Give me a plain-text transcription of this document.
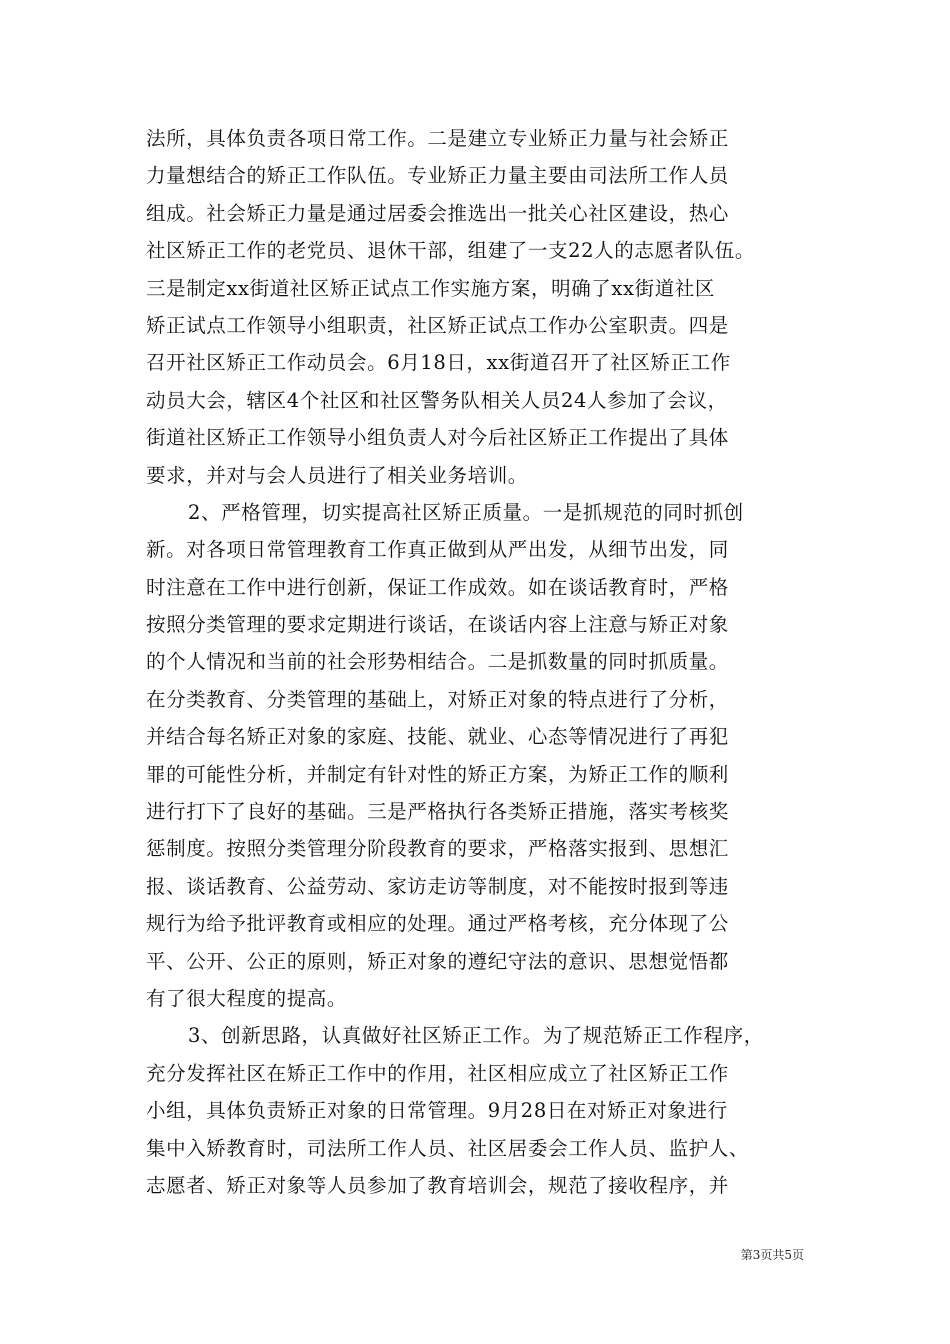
法所，具体负责各项日常工作。二是建立专业矫正力量与社会矫正
力量想结合的矫正工作队伍。专业矫正力量主要由司法所工作人员
组成。社会矫正力量是通过居委会推选出一批关心社区建设，热心
社区矫正工作的老党员、退休干部，组建了一支22人的志愿者队伍。
三是制定xx街道社区矫正试点工作实施方案，明确了xx街道社区
矫正试点工作领导小组职责，社区矫正试点工作办公室职责。四是
召开社区矫正工作动员会。6月18日，xx街道召开了社区矫正工作
动员大会，辖区4个社区和社区警务队相关人员24人参加了会议，
街道社区矫正工作领导小组负责人对今后社区矫正工作提出了具体
要求，并对与会人员进行了相关业务培训。
2、严格管理，切实提高社区矫正质量。一是抓规范的同时抓创
新。对各项日常管理教育工作真正做到从严出发，从细节出发，同
时注意在工作中进行创新，保证工作成效。如在谈话教育时，严格
按照分类管理的要求定期进行谈话，在谈话内容上注意与矫正对象
的个人情况和当前的社会形势相结合。二是抓数量的同时抓质量。
在分类教育、分类管理的基础上，对矫正对象的特点进行了分析，
并结合每名矫正对象的家庭、技能、就业、心态等情况进行了再犯
罪的可能性分析，并制定有针对性的矫正方案，为矫正工作的顺利
进行打下了良好的基础。三是严格执行各类矫正措施，落实考核奖
惩制度。按照分类管理分阶段教育的要求，严格落实报到、思想汇
报、谈话教育、公益劳动、家访走访等制度，对不能按时报到等违
规行为给予批评教育或相应的处理。通过严格考核，充分体现了公
平、公开、公正的原则，矫正对象的遵纪守法的意识、思想觉悟都
有了很大程度的提高。
3、创新思路，认真做好社区矫正工作。为了规范矫正工作程序，
充分发挥社区在矫正工作中的作用，社区相应成立了社区矫正工作
小组，具体负责矫正对象的日常管理。9月28日在对矫正对象进行
集中入矫教育时，司法所工作人员、社区居委会工作人员、监护人、
志愿者、矫正对象等人员参加了教育培训会，规范了接收程序，并
第3页共5页
